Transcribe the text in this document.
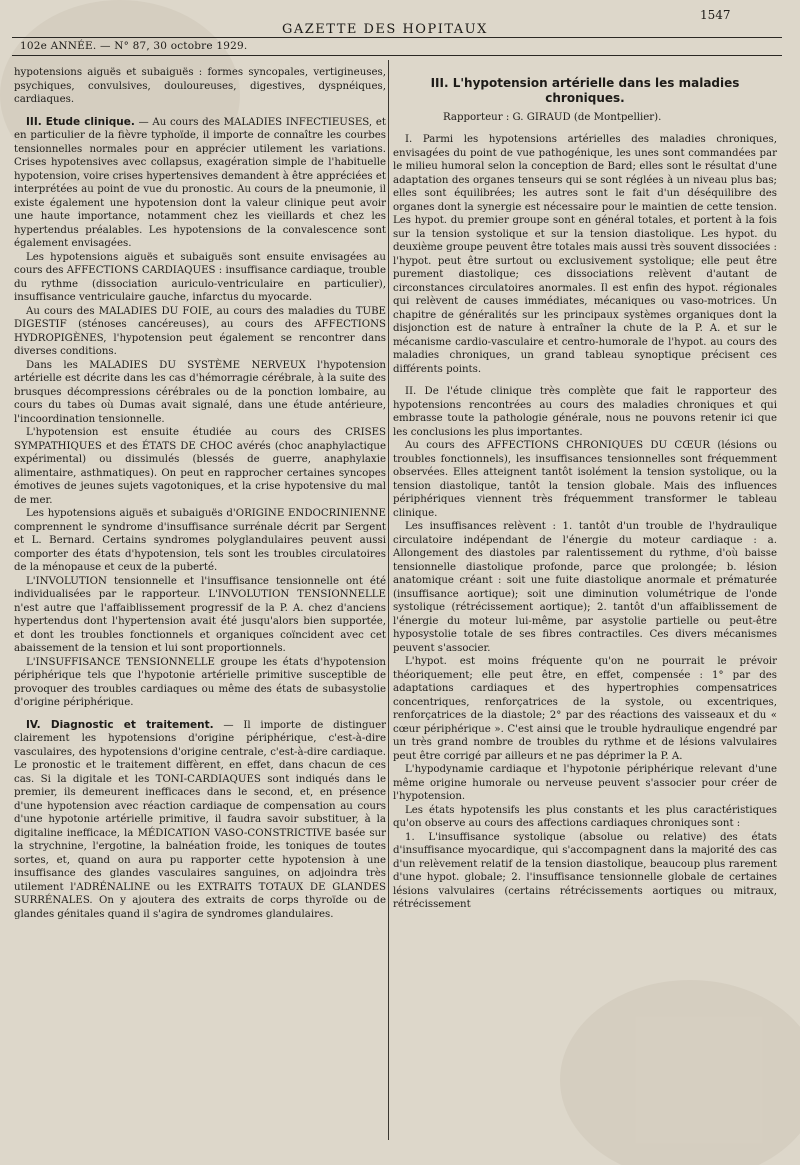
1547
GAZETTE DES HOPITAUX
102e ANNÉE. — N° 87, 30 octobre 1929.

hypotensions aiguës et subaiguës : formes syncopales, vertigineuses, psychiques, convulsives, douloureuses, digestives, dyspnéiques, cardiaques.

III. Etude clinique. — Au cours des MALADIES INFECTIEUSES, et en particulier de la fièvre typhoïde, il importe de connaître les courbes tensionnelles normales pour en apprécier utilement les variations. Crises hypotensives avec collapsus, exagération simple de l'habituelle hypotension, voire crises hypertensives demandent à être appréciées et interprétées au point de vue du pronostic. Au cours de la pneumonie, il existe également une hypotension dont la valeur clinique peut avoir une haute importance, notamment chez les vieillards et chez les hypertendus préalables. Les hypotensions de la convalescence sont également envisagées.

Les hypotensions aiguës et subaiguës sont ensuite envisagées au cours des AFFECTIONS CARDIAQUES : insuffisance cardiaque, trouble du rythme (dissociation auriculo-ventriculaire en particulier), insuffisance ventriculaire gauche, infarctus du myocarde.

Au cours des MALADIES DU FOIE, au cours des maladies du TUBE DIGESTIF (sténoses cancéreuses), au cours des AFFECTIONS HYDROPIGÈNES, l'hypotension peut également se rencontrer dans diverses conditions.

Dans les MALADIES DU SYSTÈME NERVEUX l'hypotension artérielle est décrite dans les cas d'hémorragie cérébrale, à la suite des brusques décompressions cérébrales ou de la ponction lombaire, au cours du tabes où Dumas avait signalé, dans une étude antérieure, l'incoordination tensionnelle.

L'hypotension est ensuite étudiée au cours des CRISES SYMPATHIQUES et des ÉTATS DE CHOC avérés (choc anaphylactique expérimental) ou dissimulés (blessés de guerre, anaphylaxie alimentaire, asthmatiques). On peut en rapprocher certaines syncopes émotives de jeunes sujets vagotoniques, et la crise hypotensive du mal de mer.

Les hypotensions aiguës et subaiguës d'ORIGINE ENDOCRINIENNE comprennent le syndrome d'insuffisance surrénale décrit par Sergent et L. Bernard. Certains syndromes polyglandulaires peuvent aussi comporter des états d'hypotension, tels sont les troubles circulatoires de la ménopause et ceux de la puberté.

L'INVOLUTION tensionnelle et l'insuffisance tensionnelle ont été individualisées par le rapporteur. L'INVOLUTION TENSIONNELLE n'est autre que l'affaiblissement progressif de la P. A. chez d'anciens hypertendus dont l'hypertension avait été jusqu'alors bien supportée, et dont les troubles fonctionnels et organiques coïncident avec cet abaissement de la tension et lui sont proportionnels.

L'INSUFFISANCE TENSIONNELLE groupe les états d'hypotension périphérique tels que l'hypotonie artérielle primitive susceptible de provoquer des troubles cardiaques ou même des états de subasystolie d'origine périphérique.

IV. Diagnostic et traitement. — Il importe de distinguer clairement les hypotensions d'origine périphérique, c'est-à-dire vasculaires, des hypotensions d'origine centrale, c'est-à-dire cardiaque. Le pronostic et le traitement diffèrent, en effet, dans chacun de ces cas. Si la digitale et les TONI-CARDIAQUES sont indiqués dans le premier, ils demeurent inefficaces dans le second, et, en présence d'une hypotension avec réaction cardiaque de compensation au cours d'une hypotonie artérielle primitive, il faudra savoir substituer, à la digitaline inefficace, la MÉDICATION VASO-CONSTRICTIVE basée sur la strychnine, l'ergotine, la balnéation froide, les toniques de toutes sortes, et, quand on aura pu rapporter cette hypotension à une insuffisance des glandes vasculaires sanguines, on adjoindra très utilement l'ADRÉNALINE ou les EXTRAITS TOTAUX DE GLANDES SURRÉNALES. On y ajoutera des extraits de corps thyroïde ou de glandes génitales quand il s'agira de syndromes glandulaires.

III. L'hypotension artérielle dans les maladies chroniques.
Rapporteur : G. GIRAUD (de Montpellier).

I. Parmi les hypotensions artérielles des maladies chroniques, envisagées du point de vue pathogénique, les unes sont commandées par le milieu humoral selon la conception de Bard; elles sont le résultat d'une adaptation des organes tenseurs qui se sont réglées à un niveau plus bas; elles sont équilibrées; les autres sont le fait d'un déséquilibre des organes dont la synergie est nécessaire pour le maintien de cette tension. Les hypot. du premier groupe sont en général totales, et portent à la fois sur la tension systolique et sur la tension diastolique. Les hypot. du deuxième groupe peuvent être totales mais aussi très souvent dissociées : l'hypot. peut être surtout ou exclusivement systolique; elle peut être purement diastolique; ces dissociations relèvent d'autant de circonstances circulatoires anormales. Il est enfin des hypot. régionales qui relèvent de causes immédiates, mécaniques ou vaso-motrices. Un chapitre de généralités sur les principaux systèmes organiques dont la disjonction est de nature à entraîner la chute de la P. A. et sur le mécanisme cardio-vasculaire et centro-humorale de l'hypot. au cours des maladies chroniques, un grand tableau synoptique précisent ces différents points.

II. De l'étude clinique très complète que fait le rapporteur des hypotensions rencontrées au cours des maladies chroniques et qui embrasse toute la pathologie générale, nous ne pouvons retenir ici que les conclusions les plus importantes.

Au cours des AFFECTIONS CHRONIQUES DU CŒUR (lésions ou troubles fonctionnels), les insuffisances tensionnelles sont fréquemment observées. Elles atteignent tantôt isolément la tension systolique, ou la tension diastolique, tantôt la tension globale. Mais des influences périphériques viennent très fréquemment transformer le tableau clinique.

Les insuffisances relèvent : 1. tantôt d'un trouble de l'hydraulique circulatoire indépendant de l'énergie du moteur cardiaque : a. Allongement des diastoles par ralentissement du rythme, d'où baisse tensionnelle diastolique profonde, parce que prolongée; b. lésion anatomique créant : soit une fuite diastolique anormale et prématurée (insuffisance aortique); soit une diminution volumétrique de l'onde systolique (rétrécissement aortique); 2. tantôt d'un affaiblissement de l'énergie du moteur lui-même, par asystolie partielle ou peut-être hyposystolie totale de ses fibres contractiles. Ces divers mécanismes peuvent s'associer.

L'hypot. est moins fréquente qu'on ne pourrait le prévoir théoriquement; elle peut être, en effet, compensée : 1° par des adaptations cardiaques et des hypertrophies compensatrices concentriques, renforçatrices de la systole, ou excentriques, renforçatrices de la diastole; 2° par des réactions des vaisseaux et du « cœur périphérique ». C'est ainsi que le trouble hydraulique engendré par un très grand nombre de troubles du rythme et de lésions valvulaires peut être corrigé par ailleurs et ne pas déprimer la P. A.

L'hypodynamie cardiaque et l'hypotonie périphérique relevant d'une même origine humorale ou nerveuse peuvent s'associer pour créer de l'hypotension.

Les états hypotensifs les plus constants et les plus caractéristiques qu'on observe au cours des affections cardiaques chroniques sont :

1. L'insuffisance systolique (absolue ou relative) des états d'insuffisance myocardique, qui s'accompagnent dans la majorité des cas d'un relèvement relatif de la tension diastolique, beaucoup plus rarement d'une hypot. globale; 2. l'insuffisance tensionnelle globale de certaines lésions valvulaires (certains rétrécissements aortiques ou mitraux, rétrécissement
